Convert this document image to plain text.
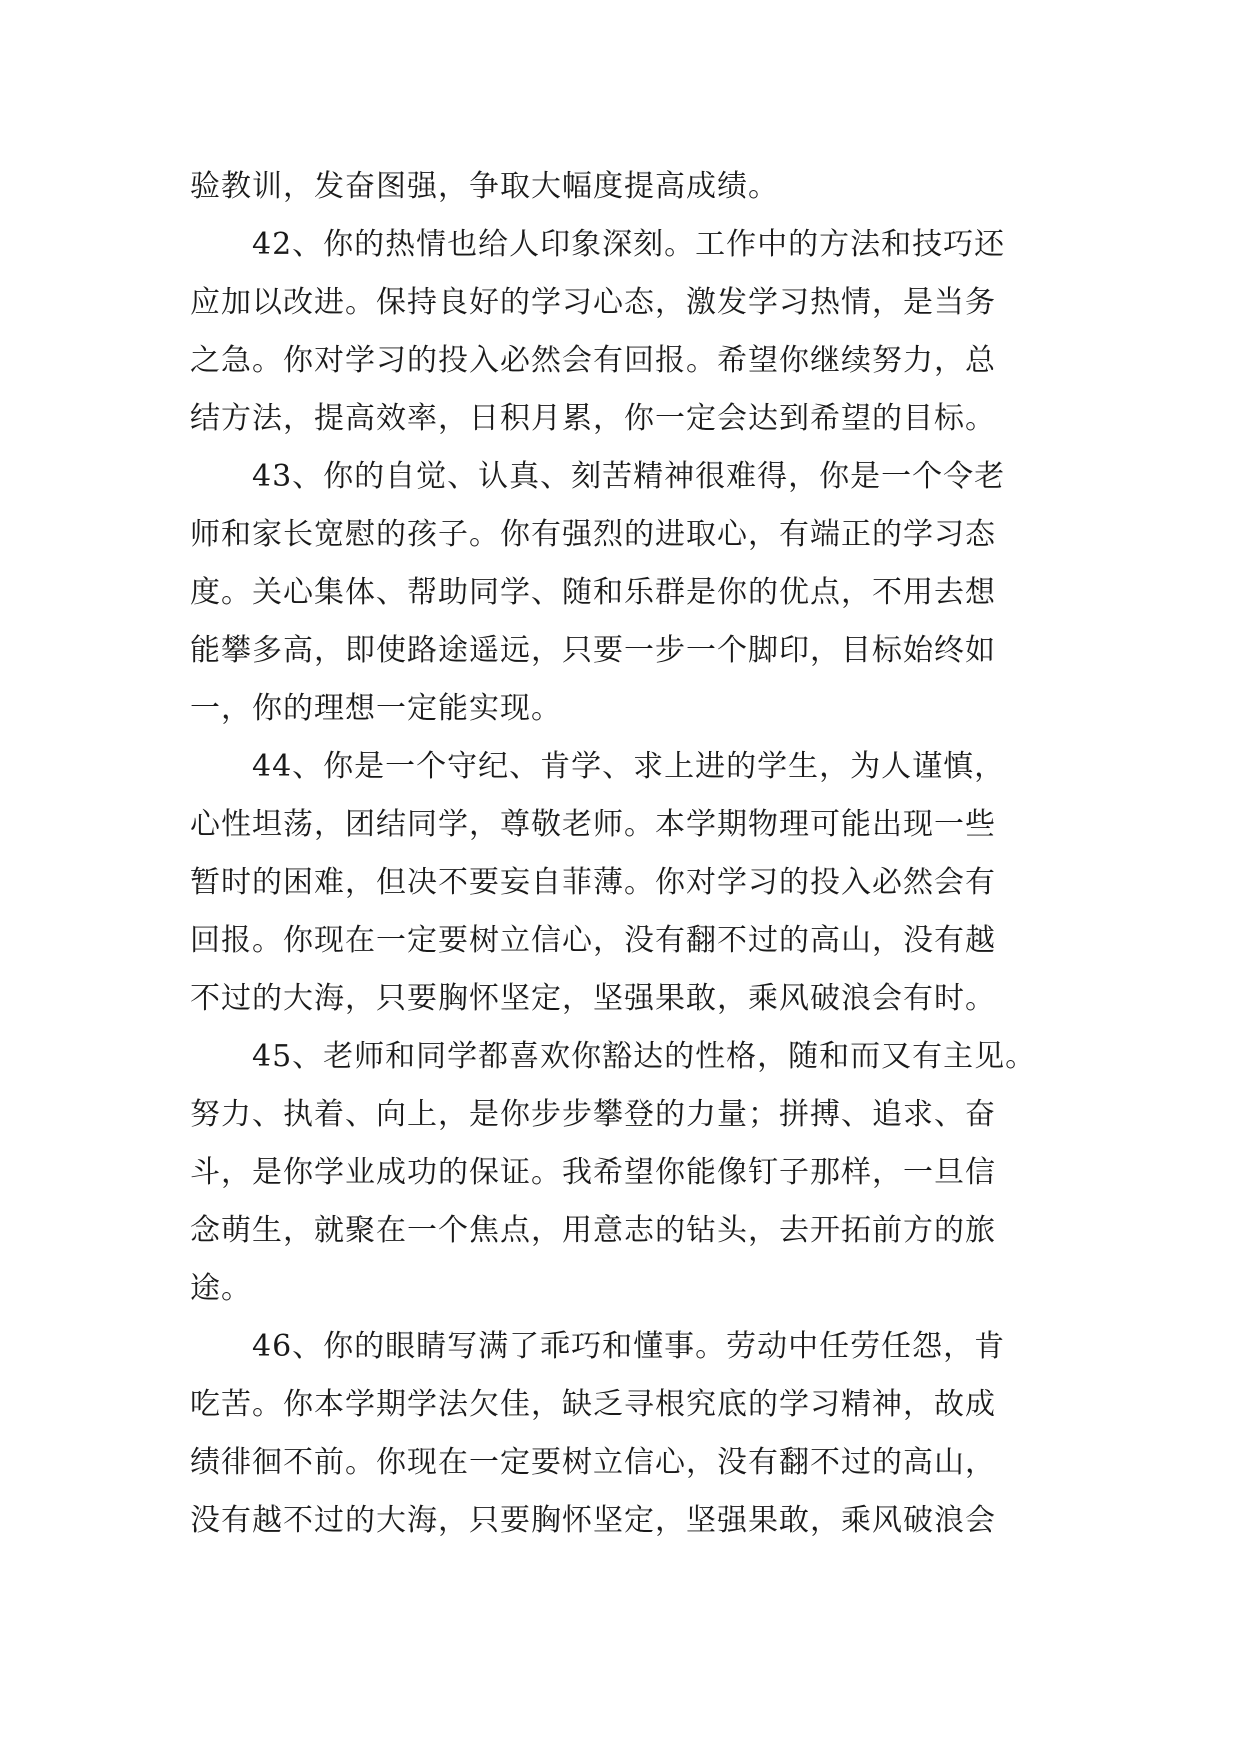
验教训，发奋图强，争取大幅度提高成绩。
42、你的热情也给人印象深刻。工作中的方法和技巧还
应加以改进。保持良好的学习心态，激发学习热情，是当务
之急。你对学习的投入必然会有回报。希望你继续努力，总
结方法，提高效率，日积月累，你一定会达到希望的目标。
43、你的自觉、认真、刻苦精神很难得，你是一个令老
师和家长宽慰的孩子。你有强烈的进取心，有端正的学习态
度。关心集体、帮助同学、随和乐群是你的优点，不用去想
能攀多高，即使路途遥远，只要一步一个脚印，目标始终如
一，你的理想一定能实现。
44、你是一个守纪、肯学、求上进的学生，为人谨慎，
心性坦荡，团结同学，尊敬老师。本学期物理可能出现一些
暂时的困难，但决不要妄自菲薄。你对学习的投入必然会有
回报。你现在一定要树立信心，没有翻不过的高山，没有越
不过的大海，只要胸怀坚定，坚强果敢，乘风破浪会有时。
45、老师和同学都喜欢你豁达的性格，随和而又有主见。
努力、执着、向上，是你步步攀登的力量；拼搏、追求、奋
斗，是你学业成功的保证。我希望你能像钉子那样，一旦信
念萌生，就聚在一个焦点，用意志的钻头，去开拓前方的旅
途。
46、你的眼睛写满了乖巧和懂事。劳动中任劳任怨，肯
吃苦。你本学期学法欠佳，缺乏寻根究底的学习精神，故成
绩徘徊不前。你现在一定要树立信心，没有翻不过的高山，
没有越不过的大海，只要胸怀坚定，坚强果敢，乘风破浪会
